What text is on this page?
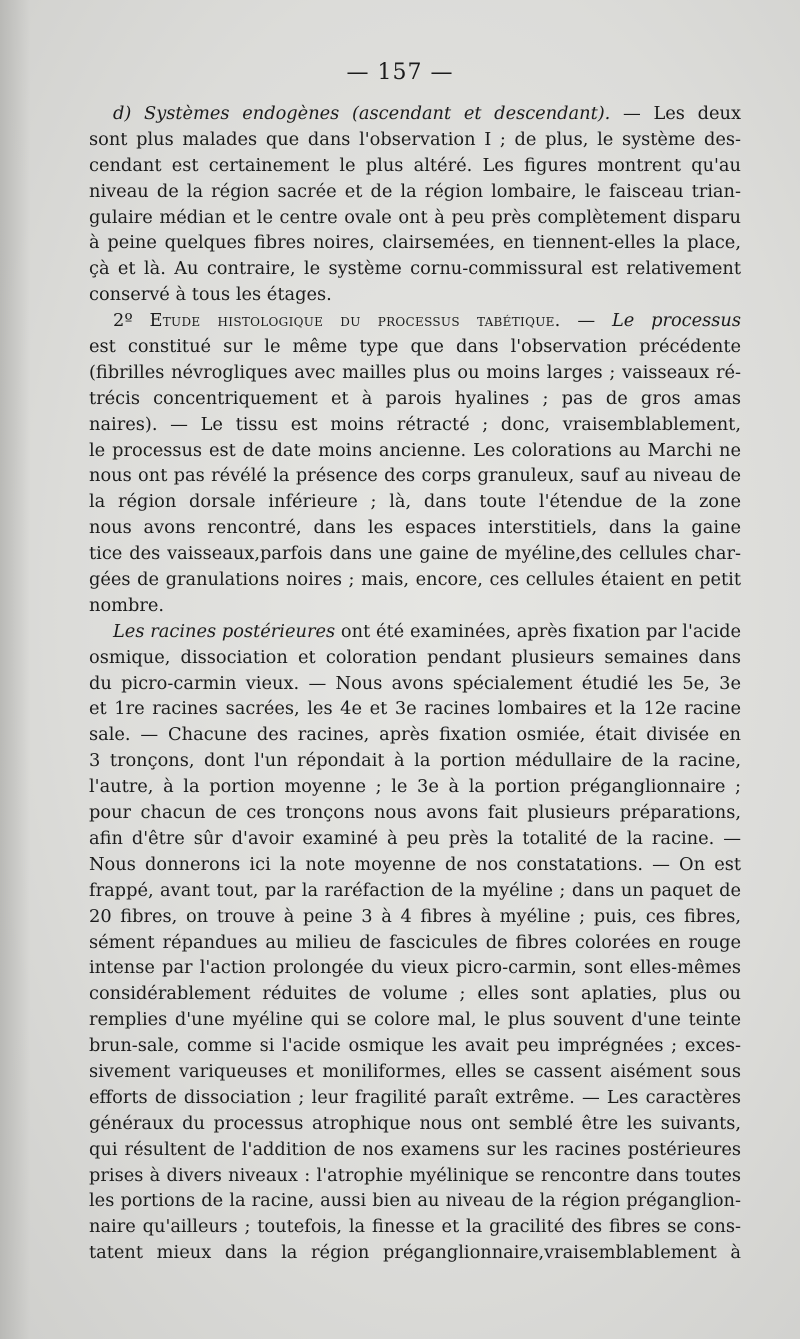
— 157 —
d) Systèmes endogènes (ascendant et descendant). — Les deux
sont plus malades que dans l'observation I ; de plus, le système des-
cendant est certainement le plus altéré. Les figures montrent qu'au
niveau de la région sacrée et de la région lombaire, le faisceau trian-
gulaire médian et le centre ovale ont à peu près complètement disparu
à peine quelques fibres noires, clairsemées, en tiennent-elles la place,
çà et là. Au contraire, le système cornu-commissural est relativement
conservé à tous les étages.
2º Etude histologique du processus tabétique. — Le processus
est constitué sur le même type que dans l'observation précédente
(fibrilles névrogliques avec mailles plus ou moins larges ; vaisseaux ré-
trécis concentriquement et à parois hyalines ; pas de gros amas
naires). — Le tissu est moins rétracté ; donc, vraisemblablement,
le processus est de date moins ancienne. Les colorations au Marchi ne
nous ont pas révélé la présence des corps granuleux, sauf au niveau de
la région dorsale inférieure ; là, dans toute l'étendue de la zone
nous avons rencontré, dans les espaces interstitiels, dans la gaine
tice des vaisseaux,parfois dans une gaine de myéline,des cellules char-
gées de granulations noires ; mais, encore, ces cellules étaient en petit
nombre.
Les racines postérieures ont été examinées, après fixation par l'acide
osmique, dissociation et coloration pendant plusieurs semaines dans
du picro-carmin vieux. — Nous avons spécialement étudié les 5e, 3e
et 1re racines sacrées, les 4e et 3e racines lombaires et la 12e racine
sale. — Chacune des racines, après fixation osmiée, était divisée en
3 tronçons, dont l'un répondait à la portion médullaire de la racine,
l'autre, à la portion moyenne ; le 3e à la portion préganglionnaire ;
pour chacun de ces tronçons nous avons fait plusieurs préparations,
afin d'être sûr d'avoir examiné à peu près la totalité de la racine. —
Nous donnerons ici la note moyenne de nos constatations. — On est
frappé, avant tout, par la raréfaction de la myéline ; dans un paquet de
20 fibres, on trouve à peine 3 à 4 fibres à myéline ; puis, ces fibres,
sément répandues au milieu de fascicules de fibres colorées en rouge
intense par l'action prolongée du vieux picro-carmin, sont elles-mêmes
considérablement réduites de volume ; elles sont aplaties, plus ou
remplies d'une myéline qui se colore mal, le plus souvent d'une teinte
brun-sale, comme si l'acide osmique les avait peu imprégnées ; exces-
sivement variqueuses et moniliformes, elles se cassent aisément sous
efforts de dissociation ; leur fragilité paraît extrême. — Les caractères
généraux du processus atrophique nous ont semblé être les suivants,
qui résultent de l'addition de nos examens sur les racines postérieures
prises à divers niveaux : l'atrophie myélinique se rencontre dans toutes
les portions de la racine, aussi bien au niveau de la région préganglion-
naire qu'ailleurs ; toutefois, la finesse et la gracilité des fibres se cons-
tatent mieux dans la région préganglionnaire,vraisemblablement à
